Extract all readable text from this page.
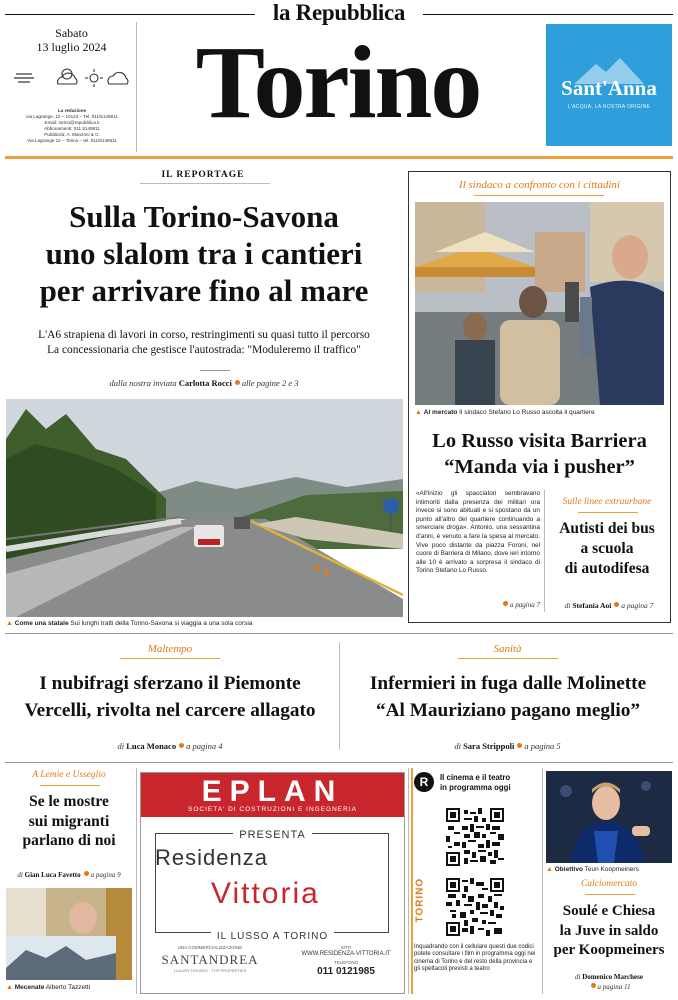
la Repubblica
Sabato
13 luglio 2024
La redazione
via Lagrange, 12 – 10123 – Tel. 011/5149811
Email: torino@repubblica.it
Abbonamenti: 011 5149811
Pubblicità: A. Manzoni & C.
Via Lagrange 12 – Torino – tel. 011/5149611
Torino	Sant'Anna
L'ACQUA, LA NOSTRA ORIGINE
IL REPORTAGE
Sulla Torino-Savona
uno slalom tra i cantieri
per arrivare fino al mare
L'A6 strapiena di lavori in corso, restringimenti su quasi tutto il percorso
La concessionaria che gestisce l'autostrada: "Moduleremo il traffico"
dalla nostra inviata Carlotta Rocci alle pagine 2 e 3
▲ Come una statale Sui lunghi tratti della Torino-Savona si viaggia a una sola corsia
Il sindaco a confronto con i cittadini
▲ Al mercato Il sindaco Stefano Lo Russo ascolta il quartiere
Lo Russo visita Barriera
“Manda via i pusher”
«All'inizio gli spacciatori sembravano intimoriti dalla presenza dei militari ora invece si sono abituati e si spostano da un punto all'altro del quartiere continuando a smerciare droga». Antonio, una sessantina d'anni, è venuto a fare la spesa al mercato. Vive poco distante da piazza Foroni, nel cuore di Barriera di Milano, dove ieri intorno alle 10 è arrivato a sorpresa il sindaco di Torino Stefano Lo Russo.
a pagina 7
Sulle linee extraurbane
Autisti dei bus
a scuola
di autodifesa
di Stefania Aoi a pagina 7
Maltempo
I nubifragi sferzano il Piemonte
Vercelli, rivolta nel carcere allagato
di Luca Monaco a pagina 4
Sanità
Infermieri in fuga dalle Molinette
“Al Mauriziano pagano meglio”
di Sara Strippoli a pagina 5
A Lemie e Usseglio
Se le mostre
sui migranti
parlano di noi
di Gian Luca Favetto a pagina 9
▲ Mecenate Alberto Tazzetti
EPLAN
SOCIETA' DI COSTRUZIONI E INGEGNERIA
PRESENTA
Residenza
Vittoria
IL LUSSO A TORINO
UNA COMMERCIALIZZAZIONE
SANTANDREA
LUXURY HOUSES · TOP PROPERTIES
SITO
WWW.RESIDENZA-VITTORIA.IT
TELEFONO
011 0121985
R	Il cinema e il teatro
in programma oggi
TORINO
Inquadrando con il cellulare questi due codici potete consultare i film in programma oggi nei cinema di Torino e del resto della provincia e gli spettacoli previsti a teatro
▲ Obiettivo Teun Koopmeiners
Calciomercato
Soulé e Chiesa
la Juve in saldo
per Koopmeiners
di Domenico Marchese
a pagina 11
